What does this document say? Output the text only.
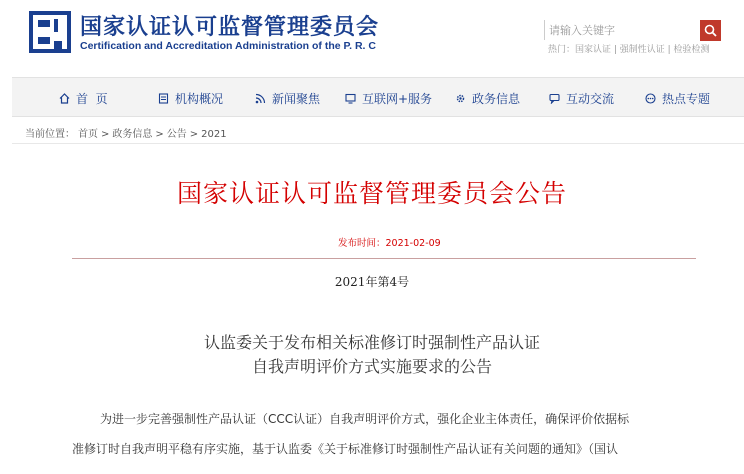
国家认证认可监督管理委员会
Certification and Accreditation Administration of the P. R. C
请输入关键字	热门：国家认证 | 强制性认证 | 检验检测
首  页	机构概况	新闻聚焦	互联网+服务	政务信息	互动交流	热点专题
当前位置： 首页 > 政务信息 > 公告 > 2021
国家认证认可监督管理委员会公告
发布时间：2021-02-09
2021年第4号
认监委关于发布相关标准修订时强制性产品认证
自我声明评价方式实施要求的公告
为进一步完善强制性产品认证（CCC认证）自我声明评价方式，强化企业主体责任，确保评价依据标
准修订时自我声明平稳有序实施，基于认监委《关于标准修订时强制性产品认证有关问题的通知》（国认
